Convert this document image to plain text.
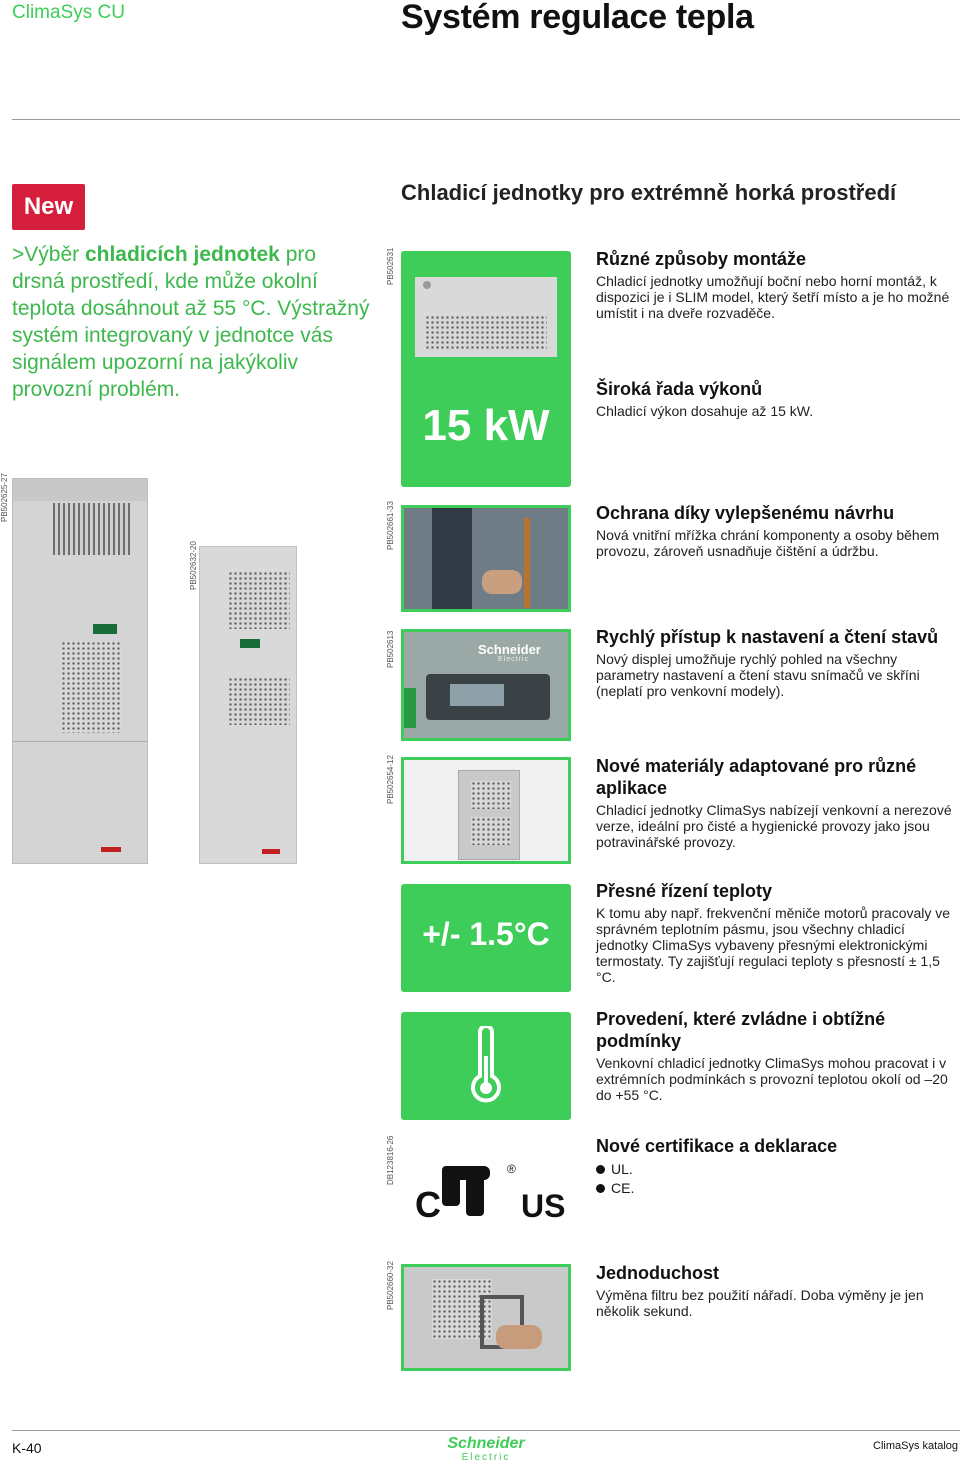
ClimaSys CU	Systém regulace tepla
New
Chladicí jednotky pro extrémně horká prostředí
>Výběr chladicích jednotek pro drsná prostředí, kde může okolní teplota dosáhnout až 55 °C. Výstražný systém integrovaný v jednotce vás signálem upozorní na jakýkoliv provozní problém.
PB502631
PB502625-27
PB502632-20
PB502661-33
PB502613
PB502654-12
DB123816-26
PB502660-32
15 kW
Schneider
Electric
+/- 1.5°C
C	US
®
Různé způsoby montáže

Chladicí jednotky umožňují boční nebo horní montáž, k dispozici je i SLIM model, který šetří místo a je ho možné umístit i na dveře rozvaděče.

Široká řada výkonů

Chladicí výkon dosahuje až 15 kW.

Ochrana díky vylepšenému návrhu

Nová vnitřní mřížka chrání komponenty a osoby během provozu, zároveň usnadňuje čištění a údržbu.

Rychlý přístup k nastavení a čtení stavů

Nový displej umožňuje rychlý pohled na všechny parametry nastavení a čtení stavu snímačů ve skříni (neplatí pro venkovní modely).

Nové materiály adaptované pro různé aplikace

Chladicí jednotky ClimaSys nabízejí venkovní a nerezové verze, ideální pro čisté a hygienické provozy jako jsou potravinářské provozy.

Přesné řízení teploty

K tomu aby např. frekvenční měniče motorů pracovaly ve správném teplotním pásmu, jsou všechny chladicí jednotky ClimaSys vybaveny přesnými elektronickými termostaty. Ty zajišťují regulaci teploty s přesností ± 1,5 °C.

Provedení, které zvládne i obtížné podmínky

Venkovní chladicí jednotky ClimaSys mohou pracovat i v extrémních podmínkách s provozní teplotou okolí od –20 do +55 °C.

Nové certifikace a deklarace
UL.
CE.
Jednoduchost

Výměna filtru bez použití nářadí. Doba výměny je jen několik sekund.

K-40	Schneider
Electric
ClimaSys katalog
